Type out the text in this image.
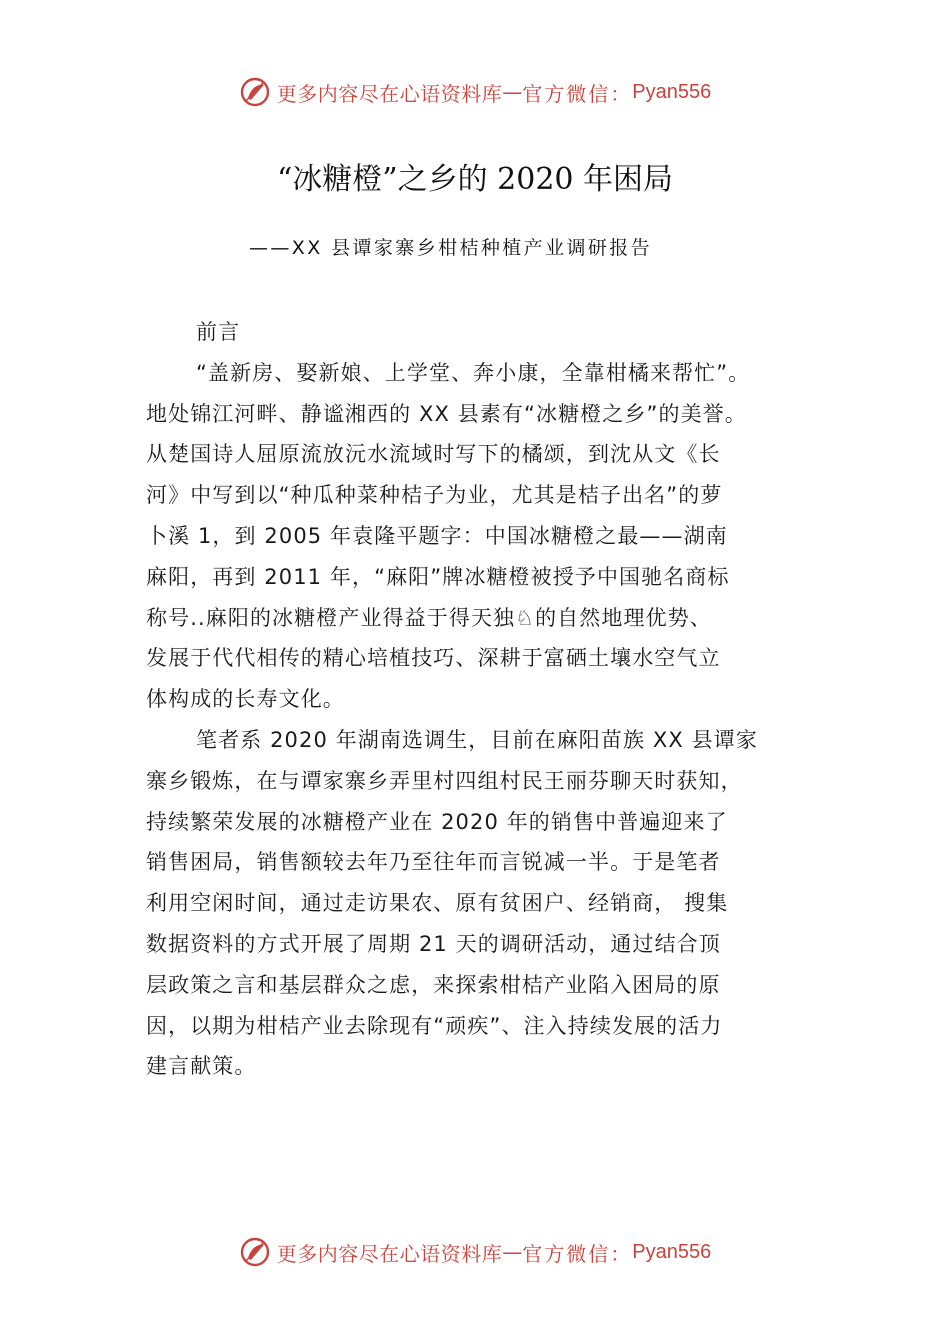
更多内容尽在心语资料库 — 官方微信： Pyan556
“冰糖橙”之乡的 2020 年困局
——XX 县谭家寨乡柑桔种植产业调研报告
前言
“盖新房、娶新娘、上学堂、奔小康，全靠柑橘来帮忙”。
地处锦江河畔、静谧湘西的 XX 县素有“冰糖橙之乡”的美誉。
从楚国诗人屈原流放沅水流域时写下的橘颂，到沈从文《长
河》中写到以“种瓜种菜种桔子为业，尤其是桔子出名”的萝
卜溪 1，到 2005 年袁隆平题字：中国冰糖橙之最——湖南
麻阳，再到 2011 年，“麻阳”牌冰糖橙被授予中国驰名商标
称号..麻阳的冰糖橙产业得益于得天独♘的自然地理优势、
发展于代代相传的精心培植技巧、深耕于富硒土壤水空气立
体构成的长寿文化。
笔者系 2020 年湖南选调生，目前在麻阳苗族 XX 县谭家
寨乡锻炼，在与谭家寨乡弄里村四组村民王丽芬聊天时获知，
持续繁荣发展的冰糖橙产业在 2020 年的销售中普遍迎来了
销售困局，销售额较去年乃至往年而言锐减一半。于是笔者
利用空闲时间，通过走访果农、原有贫困户、经销商， 搜集
数据资料的方式开展了周期 21 天的调研活动，通过结合顶
层政策之言和基层群众之虑，来探索柑桔产业陷入困局的原
因，以期为柑桔产业去除现有“顽疾”、注入持续发展的活力
建言献策。
更多内容尽在心语资料库 — 官方微信： Pyan556
